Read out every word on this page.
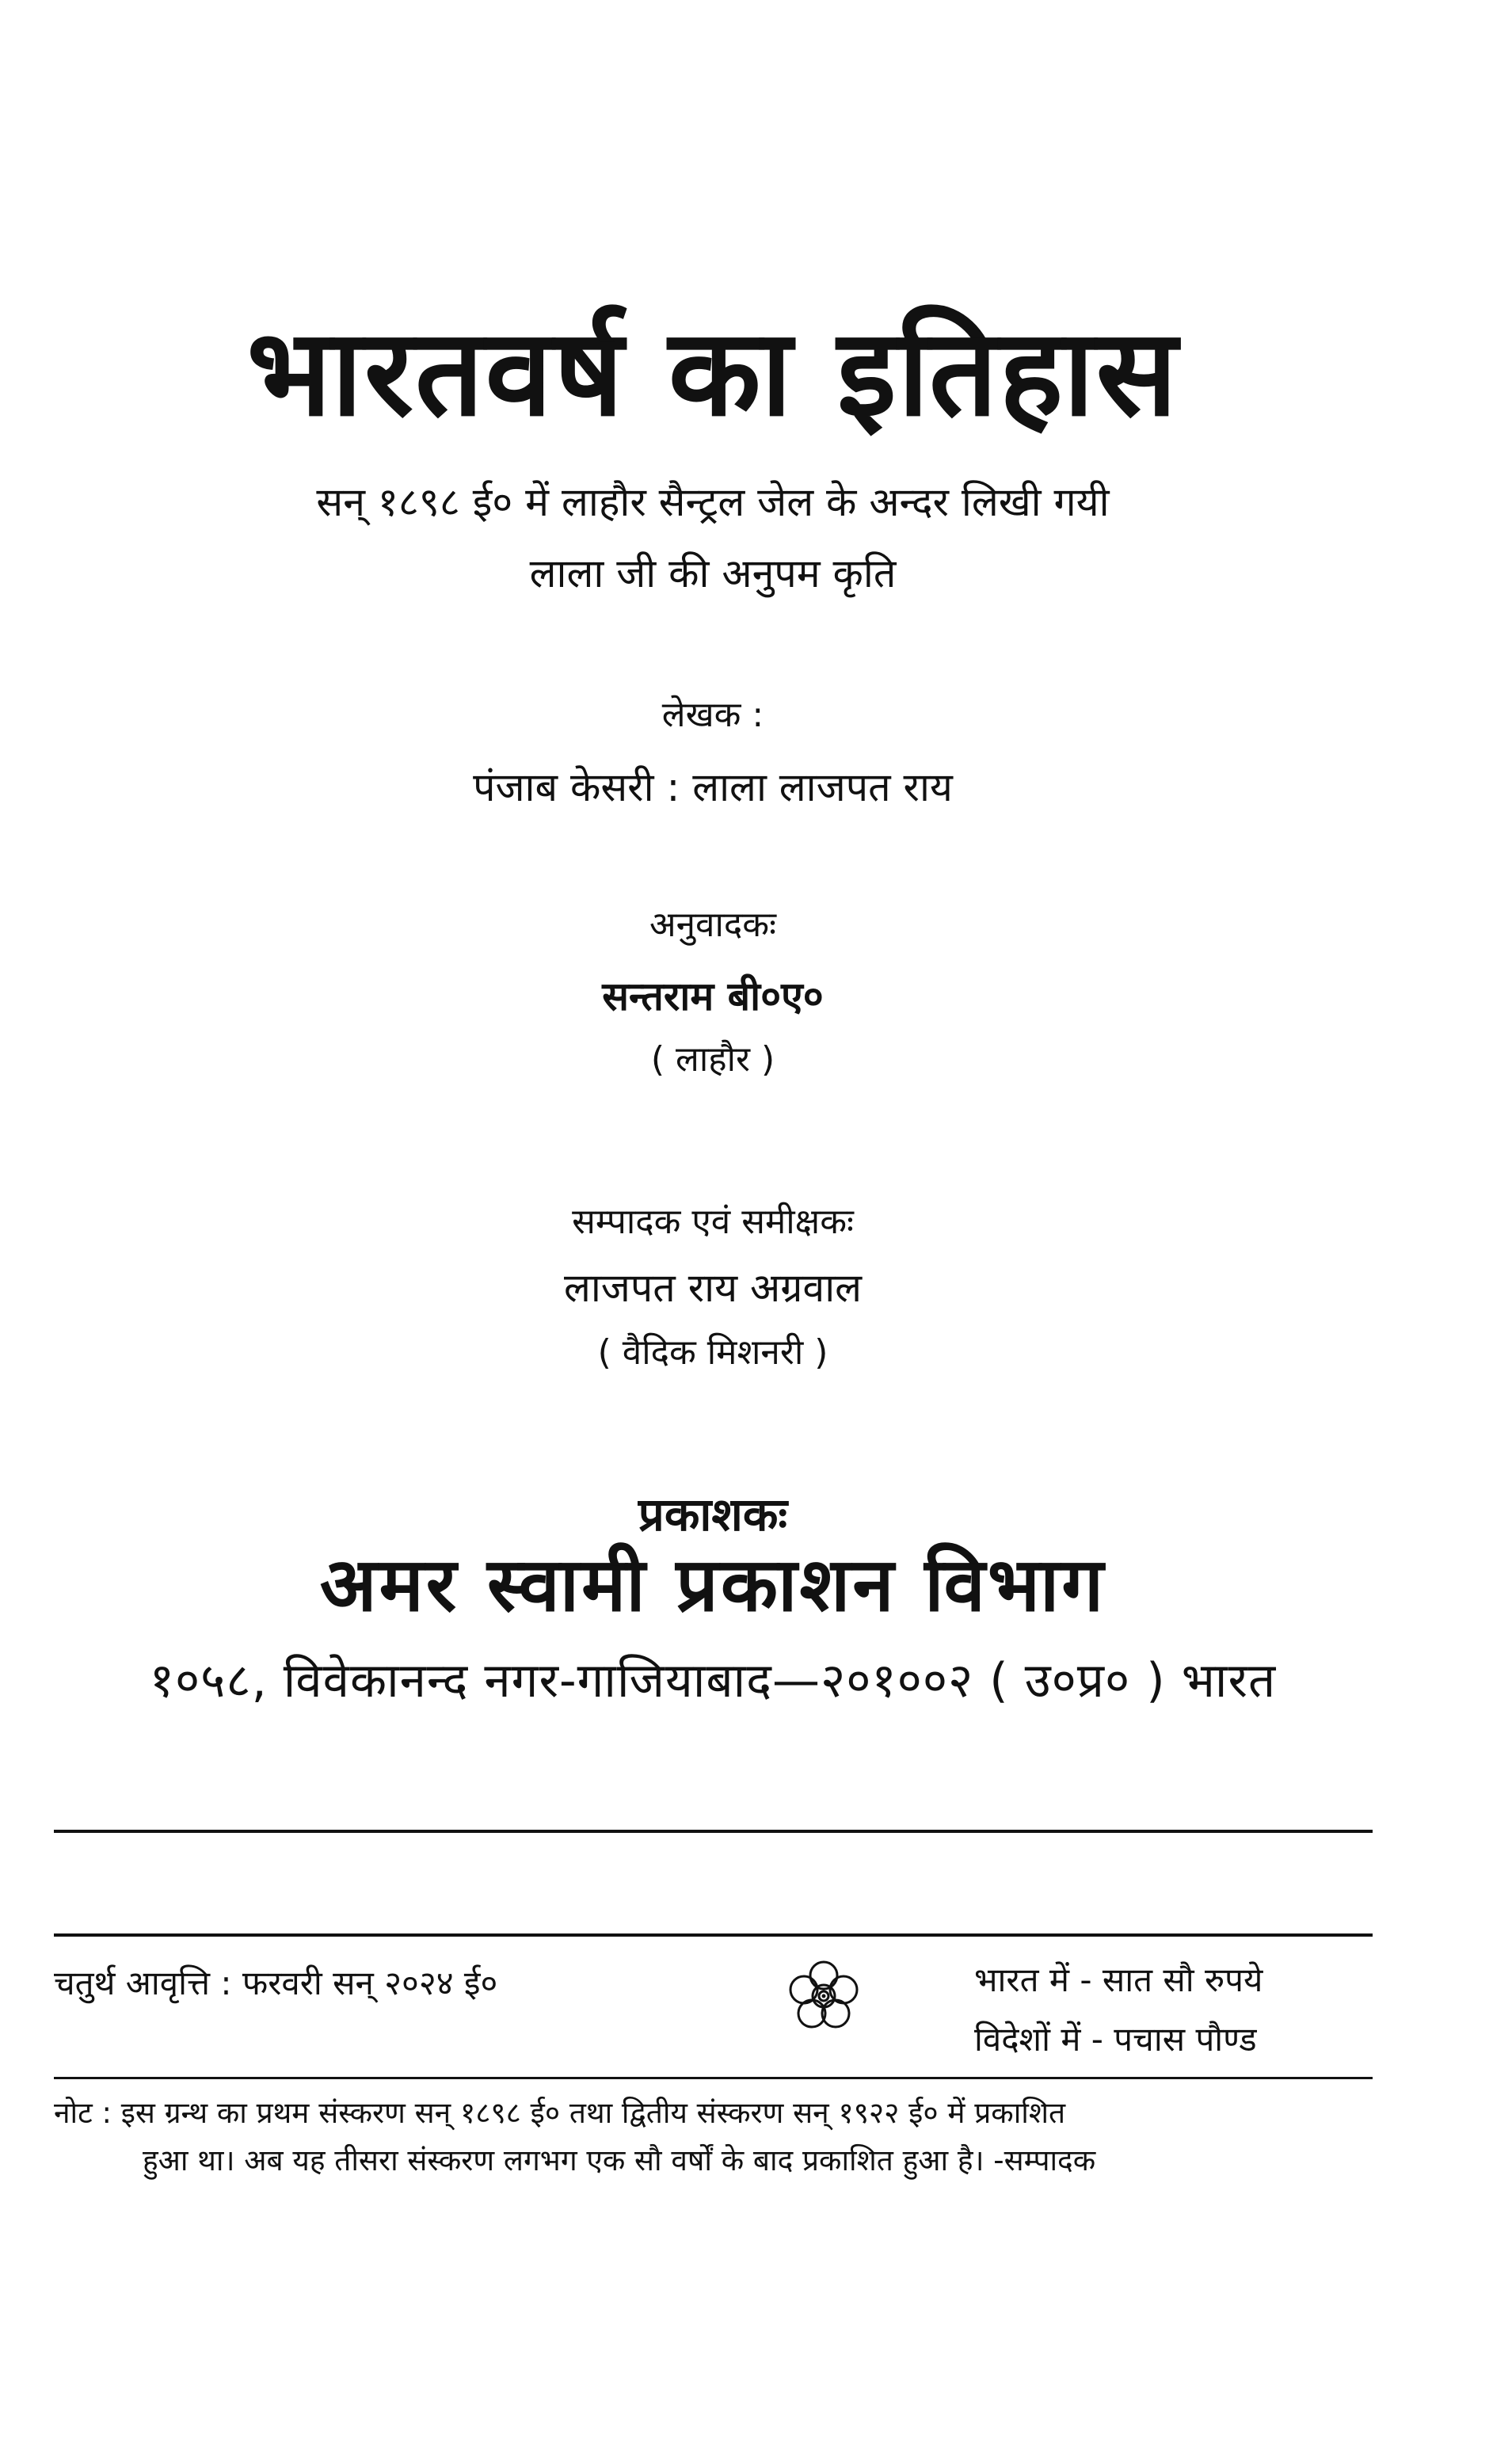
भारतवर्ष का इतिहास
सन् १८९८ ई० में लाहौर सैन्ट्रल जेल के अन्दर लिखी गयी
लाला जी की अनुपम कृति
लेखक :
पंजाब केसरी : लाला लाजपत राय
अनुवादकः
सन्तराम बी०ए०
( लाहौर )
सम्पादक एवं समीक्षकः
लाजपत राय अग्रवाल
( वैदिक मिशनरी )
प्रकाशकः
अमर स्वामी प्रकाशन विभाग
१०५८, विवेकानन्द नगर-गाजियाबाद—२०१००२ ( उ०प्र० ) भारत
चतुर्थ आवृत्ति : फरवरी सन् २०२४ ई०	भारत में - सात सौ रुपये
विदेशों में - पचास पौण्ड
नोट : इस ग्रन्थ का प्रथम संस्करण सन् १८९८ ई० तथा द्वितीय संस्करण सन् १९२२ ई० में प्रकाशित
हुआ था। अब यह तीसरा संस्करण लगभग एक सौ वर्षों के बाद प्रकाशित हुआ है। -सम्पादक
